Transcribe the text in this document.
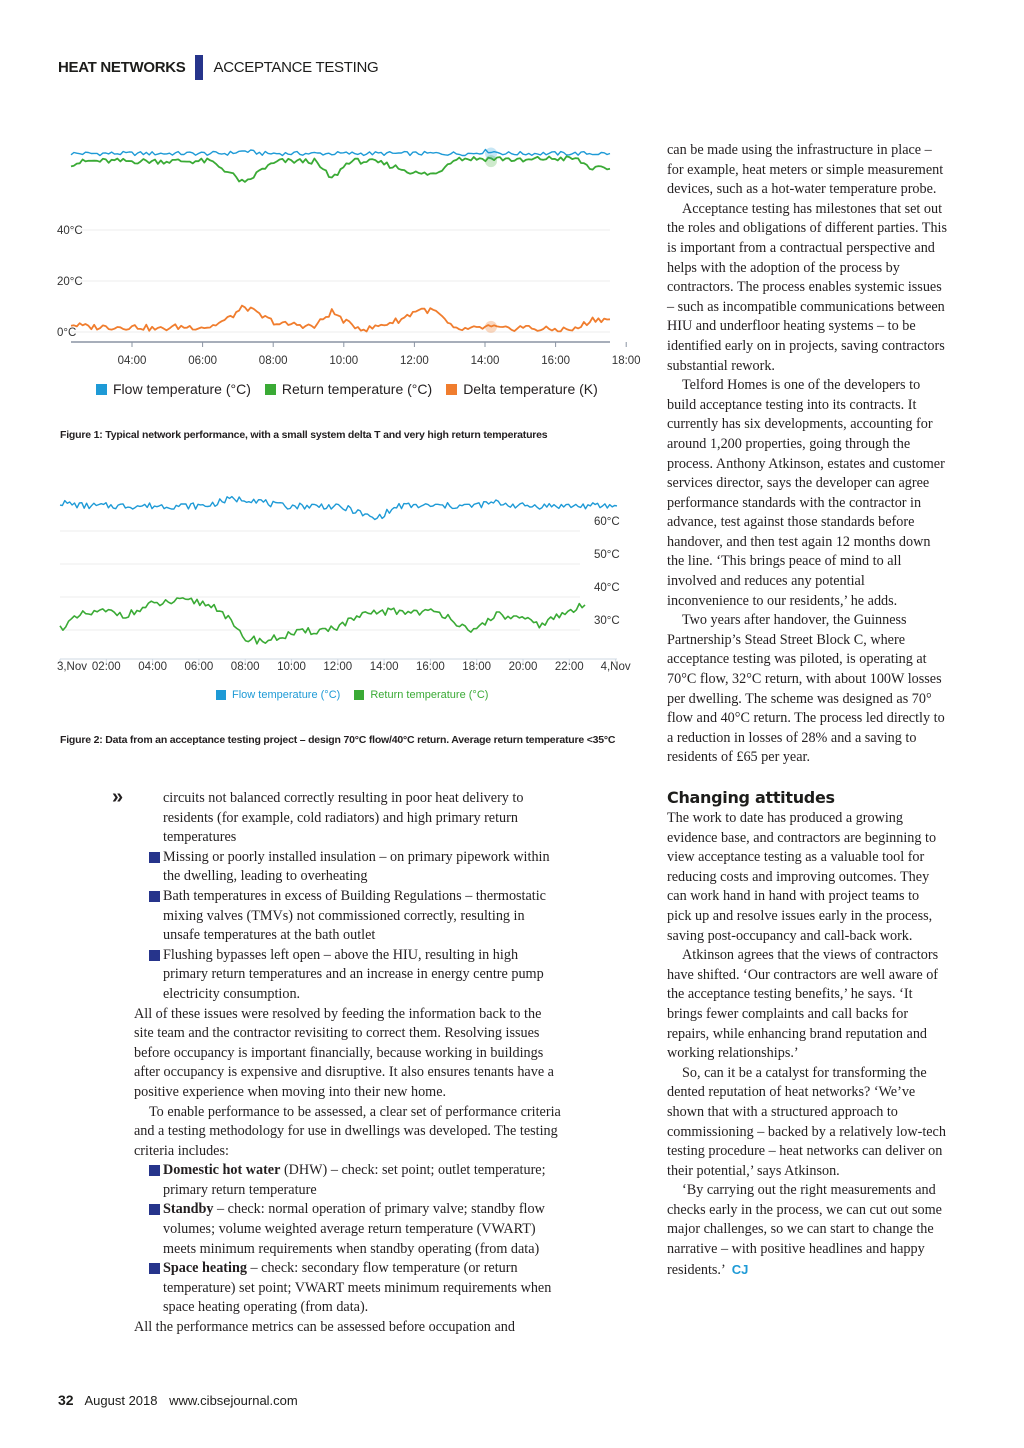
HEAT NETWORKS ACCEPTANCE TESTING
40°C
20°C
0°C
04:00	06:00	08:00	10:00	12:00	14:00	16:00	18:00
Flow temperature (°C) Return temperature (°C) Delta temperature (K)
Figure 1: Typical network performance, with a small system delta T and very high return temperatures
60°C
50°C
40°C
30°C
3,Nov 02:00 04:00 06:00 08:00 10:00 12:00 14:00 16:00 18:00 20:00 22:00 4,Nov
Flow temperature (°C)	Return temperature (°C)
Figure 2: Data from an acceptance testing project – design 70°C flow/40°C return. Average return temperature <35°C
»	circuits not balanced correctly resulting in poor heat delivery to residents (for example, cold radiators) and high primary return temperatures

Missing or poorly installed insulation – on primary pipework within the dwelling, leading to overheating

Bath temperatures in excess of Building Regulations – thermostatic mixing valves (TMVs) not commissioned correctly, resulting in unsafe temperatures at the bath outlet

Flushing bypasses left open – above the HIU, resulting in high primary return temperatures and an increase in energy centre pump electricity consumption.

All of these issues were resolved by feeding the information back to the site team and the contractor revisiting to correct them. Resolving issues before occupancy is important financially, because working in buildings after occupancy is expensive and disruptive. It also ensures tenants have a positive experience when moving into their new home.

To enable performance to be assessed, a clear set of performance criteria and a testing methodology for use in dwellings was developed. The testing criteria includes:

Domestic hot water (DHW) – check: set point; outlet temperature; primary return temperature

Standby – check: normal operation of primary valve; standby flow volumes; volume weighted average return temperature (VWART) meets minimum requirements when standby operating (from data)

Space heating – check: secondary flow temperature (or return temperature) set point; VWART meets minimum requirements when space heating operating (from data).

All the performance metrics can be assessed before occupation and

can be made using the infrastructure in place – for example, heat meters or simple measurement devices, such as a hot-water temperature probe.

Acceptance testing has milestones that set out the roles and obligations of different parties. This is important from a contractual perspective and helps with the adoption of the process by contractors. The process enables systemic issues – such as incompatible communications between HIU and underfloor heating systems – to be identified early on in projects, saving contractors substantial rework.

Telford Homes is one of the developers to build acceptance testing into its contracts. It currently has six developments, accounting for around 1,200 properties, going through the process. Anthony Atkinson, estates and customer services director, says the developer can agree performance standards with the contractor in advance, test against those standards before handover, and then test again 12 months down the line. ‘This brings peace of mind to all involved and reduces any potential inconvenience to our residents,’ he adds.

Two years after handover, the Guinness Partnership’s Stead Street Block C, where acceptance testing was piloted, is operating at 70°C flow, 32°C return, with about 100W losses per dwelling. The scheme was designed as 70° flow and 40°C return. The process led directly to a reduction in losses of 28% and a saving to residents of £65 per year.

Changing attitudes

The work to date has produced a growing evidence base, and contractors are beginning to view acceptance testing as a valuable tool for reducing costs and improving outcomes. They can work hand in hand with project teams to pick up and resolve issues early in the process, saving post-occupancy and call-back work.

Atkinson agrees that the views of contractors have shifted. ‘Our contractors are well aware of the acceptance testing benefits,’ he says. ‘It brings fewer complaints and call backs for repairs, while enhancing brand reputation and working relationships.’

So, can it be a catalyst for transforming the dented reputation of heat networks? ‘We’ve shown that with a structured approach to commissioning – backed by a relatively low-tech testing procedure – heat networks can deliver on their potential,’ says Atkinson.

‘By carrying out the right measurements and checks early in the process, we can cut out some major challenges, so we can start to change the narrative – with positive headlines and happy residents.’ CJ

32 August 2018 www.cibsejournal.com
